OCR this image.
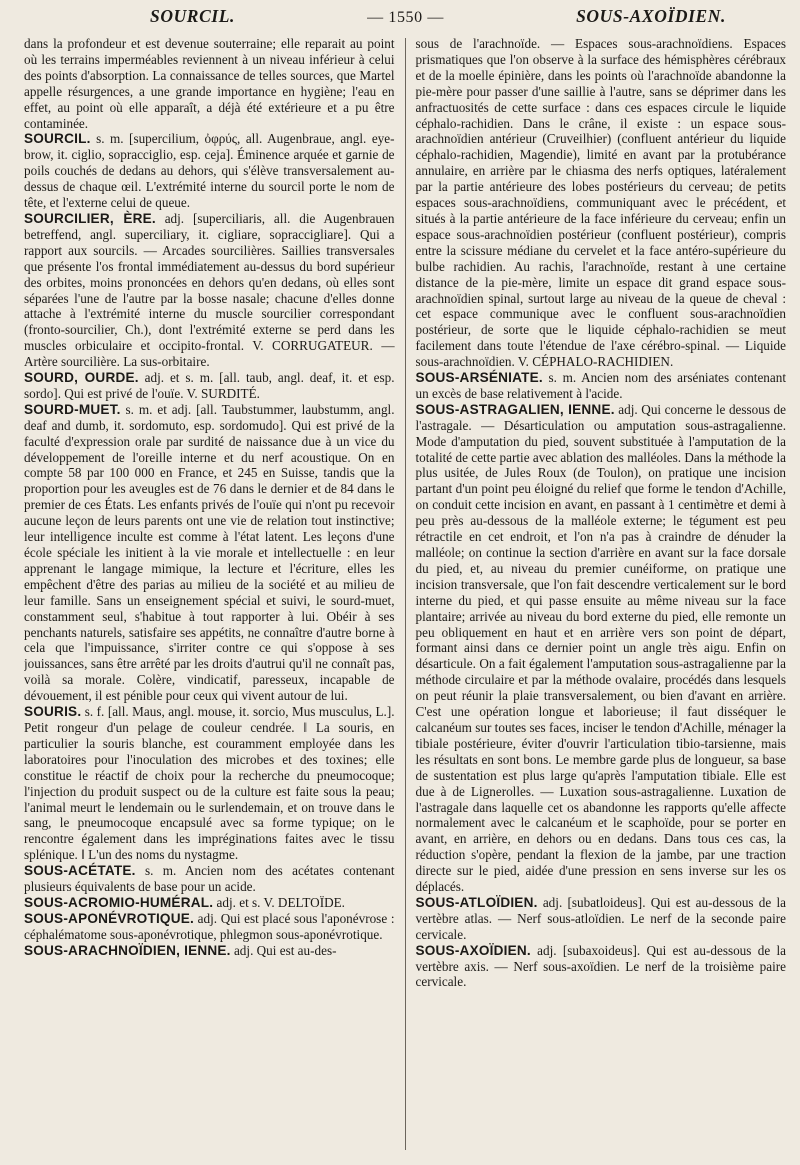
SOURCIL.	— 1550 —	SOUS-AXOÏDIEN.

dans la profondeur et est devenue souterraine; elle reparait au point où les terrains imperméables reviennent à un niveau inférieur à celui des points d'absorption. La connaissance de telles sources, que Martel appelle résurgences, a une grande importance en hygiène; l'eau en effet, au point où elle apparaît, a déjà été extérieure et a pu être contaminée.

SOURCIL. s. m. [supercilium, ὀφρύς, all. Augenbraue, angl. eye-brow, it. ciglio, sopracciglio, esp. ceja]. Éminence arquée et garnie de poils couchés de dedans au dehors, qui s'élève transversalement au-dessus de chaque œil. L'extrémité interne du sourcil porte le nom de tête, et l'externe celui de queue.

SOURCILIER, ÈRE. adj. [superciliaris, all. die Augenbrauen betreffend, angl. superciliary, it. cigliare, sopraccigliare]. Qui a rapport aux sourcils. — Arcades sourcilières. Saillies transversales que présente l'os frontal immédiatement au-dessus du bord supérieur des orbites, moins prononcées en dehors qu'en dedans, où elles sont séparées l'une de l'autre par la bosse nasale; chacune d'elles donne attache à l'extrémité interne du muscle sourcilier correspondant (fronto-sourcilier, Ch.), dont l'extrémité externe se perd dans les muscles orbiculaire et occipito-frontal. V. CORRUGATEUR. — Artère sourcilière. La sus-orbitaire.

SOURD, OURDE. adj. et s. m. [all. taub, angl. deaf, it. et esp. sordo]. Qui est privé de l'ouïe. V. SURDITÉ.

SOURD-MUET. s. m. et adj. [all. Taubstummer, laubstumm, angl. deaf and dumb, it. sordomuto, esp. sordomudo]. Qui est privé de la faculté d'expression orale par surdité de naissance due à un vice du développement de l'oreille interne et du nerf acoustique. On en compte 58 par 100 000 en France, et 245 en Suisse, tandis que la proportion pour les aveugles est de 76 dans le dernier et de 84 dans le premier de ces États. Les enfants privés de l'ouïe qui n'ont pu recevoir aucune leçon de leurs parents ont une vie de relation tout instinctive; leur intelligence inculte est comme à l'état latent. Les leçons d'une école spéciale les initient à la vie morale et intellectuelle : en leur apprenant le langage mimique, la lecture et l'écriture, elles les empêchent d'être des parias au milieu de la société et au milieu de leur famille. Sans un enseignement spécial et suivi, le sourd-muet, constamment seul, s'habitue à tout rapporter à lui. Obéir à ses penchants naturels, satisfaire ses appétits, ne connaître d'autre borne à cela que l'impuissance, s'irriter contre ce qui s'oppose à ses jouissances, sans être arrêté par les droits d'autrui qu'il ne connaît pas, voilà sa morale. Colère, vindicatif, paresseux, incapable de dévouement, il est pénible pour ceux qui vivent autour de lui.

SOURIS. s. f. [all. Maus, angl. mouse, it. sorcio, Mus musculus, L.]. Petit rongeur d'un pelage de couleur cendrée. ‖ La souris, en particulier la souris blanche, est couramment employée dans les laboratoires pour l'inoculation des microbes et des toxines; elle constitue le réactif de choix pour la recherche du pneumocoque; l'injection du produit suspect ou de la culture est faite sous la peau; l'animal meurt le lendemain ou le surlendemain, et on trouve dans le sang, le pneumocoque encapsulé avec sa forme typique; on le rencontre également dans les impréginations faites avec le tissu splénique. ‖ L'un des noms du nystagme.

SOUS-ACÉTATE. s. m. Ancien nom des acétates contenant plusieurs équivalents de base pour un acide.

SOUS-ACROMIO-HUMÉRAL. adj. et s. V. DELTOÏDE.

SOUS-APONÉVROTIQUE. adj. Qui est placé sous l'aponévrose : céphalématome sous-aponévrotique, phlegmon sous-aponévrotique.

SOUS-ARACHNOÏDIEN, IENNE. adj. Qui est au-des-

sous de l'arachnoïde. — Espaces sous-arachnoïdiens. Espaces prismatiques que l'on observe à la surface des hémisphères cérébraux et de la moelle épinière, dans les points où l'arachnoïde abandonne la pie-mère pour passer d'une saillie à l'autre, sans se déprimer dans les anfractuosités de cette surface : dans ces espaces circule le liquide céphalo-rachidien. Dans le crâne, il existe : un espace sous-arachnoïdien antérieur (Cruveilhier) (confluent antérieur du liquide céphalo-rachidien, Magendie), limité en avant par la protubérance annulaire, en arrière par le chiasma des nerfs optiques, latéralement par la partie antérieure des lobes postérieurs du cerveau; de petits espaces sous-arachnoïdiens, communiquant avec le précédent, et situés à la partie antérieure de la face inférieure du cerveau; enfin un espace sous-arachnoïdien postérieur (confluent postérieur), compris entre la scissure médiane du cervelet et la face antéro-supérieure du bulbe rachidien. Au rachis, l'arachnoïde, restant à une certaine distance de la pie-mère, limite un espace dit grand espace sous-arachnoïdien spinal, surtout large au niveau de la queue de cheval : cet espace communique avec le confluent sous-arachnoïdien postérieur, de sorte que le liquide céphalo-rachidien se meut facilement dans toute l'étendue de l'axe cérébro-spinal. — Liquide sous-arachnoïdien. V. CÉPHALO-RACHIDIEN.

SOUS-ARSÉNIATE. s. m. Ancien nom des arséniates contenant un excès de base relativement à l'acide.

SOUS-ASTRAGALIEN, IENNE. adj. Qui concerne le dessous de l'astragale. — Désarticulation ou amputation sous-astragalienne. Mode d'amputation du pied, souvent substituée à l'amputation de la totalité de cette partie avec ablation des malléoles. Dans la méthode la plus usitée, de Jules Roux (de Toulon), on pratique une incision partant d'un point peu éloigné du relief que forme le tendon d'Achille, on conduit cette incision en avant, en passant à 1 centimètre et demi à peu près au-dessous de la malléole externe; le tégument est peu rétractile en cet endroit, et l'on n'a pas à craindre de dénuder la malléole; on continue la section d'arrière en avant sur la face dorsale du pied, et, au niveau du premier cunéiforme, on pratique une incision transversale, que l'on fait descendre verticalement sur le bord interne du pied, et qui passe ensuite au même niveau sur la face plantaire; arrivée au niveau du bord externe du pied, elle remonte un peu obliquement en haut et en arrière vers son point de départ, formant ainsi dans ce dernier point un angle très aigu. Enfin on désarticule. On a fait également l'amputation sous-astragalienne par la méthode circulaire et par la méthode ovalaire, procédés dans lesquels on peut réunir la plaie transversalement, ou bien d'avant en arrière. C'est une opération longue et laborieuse; il faut disséquer le calcanéum sur toutes ses faces, inciser le tendon d'Achille, ménager la tibiale postérieure, éviter d'ouvrir l'articulation tibio-tarsienne, mais les résultats en sont bons. Le membre garde plus de longueur, sa base de sustentation est plus large qu'après l'amputation tibiale. Elle est due à de Lignerolles. — Luxation sous-astragalienne. Luxation de l'astragale dans laquelle cet os abandonne les rapports qu'elle affecte normalement avec le calcanéum et le scaphoïde, pour se porter en avant, en arrière, en dehors ou en dedans. Dans tous ces cas, la réduction s'opère, pendant la flexion de la jambe, par une traction directe sur le pied, aidée d'une pression en sens inverse sur les os déplacés.

SOUS-ATLOÏDIEN. adj. [subatloideus]. Qui est au-dessous de la vertèbre atlas. — Nerf sous-atloïdien. Le nerf de la seconde paire cervicale.

SOUS-AXOÏDIEN. adj. [subaxoideus]. Qui est au-dessous de la vertèbre axis. — Nerf sous-axoïdien. Le nerf de la troisième paire cervicale.
